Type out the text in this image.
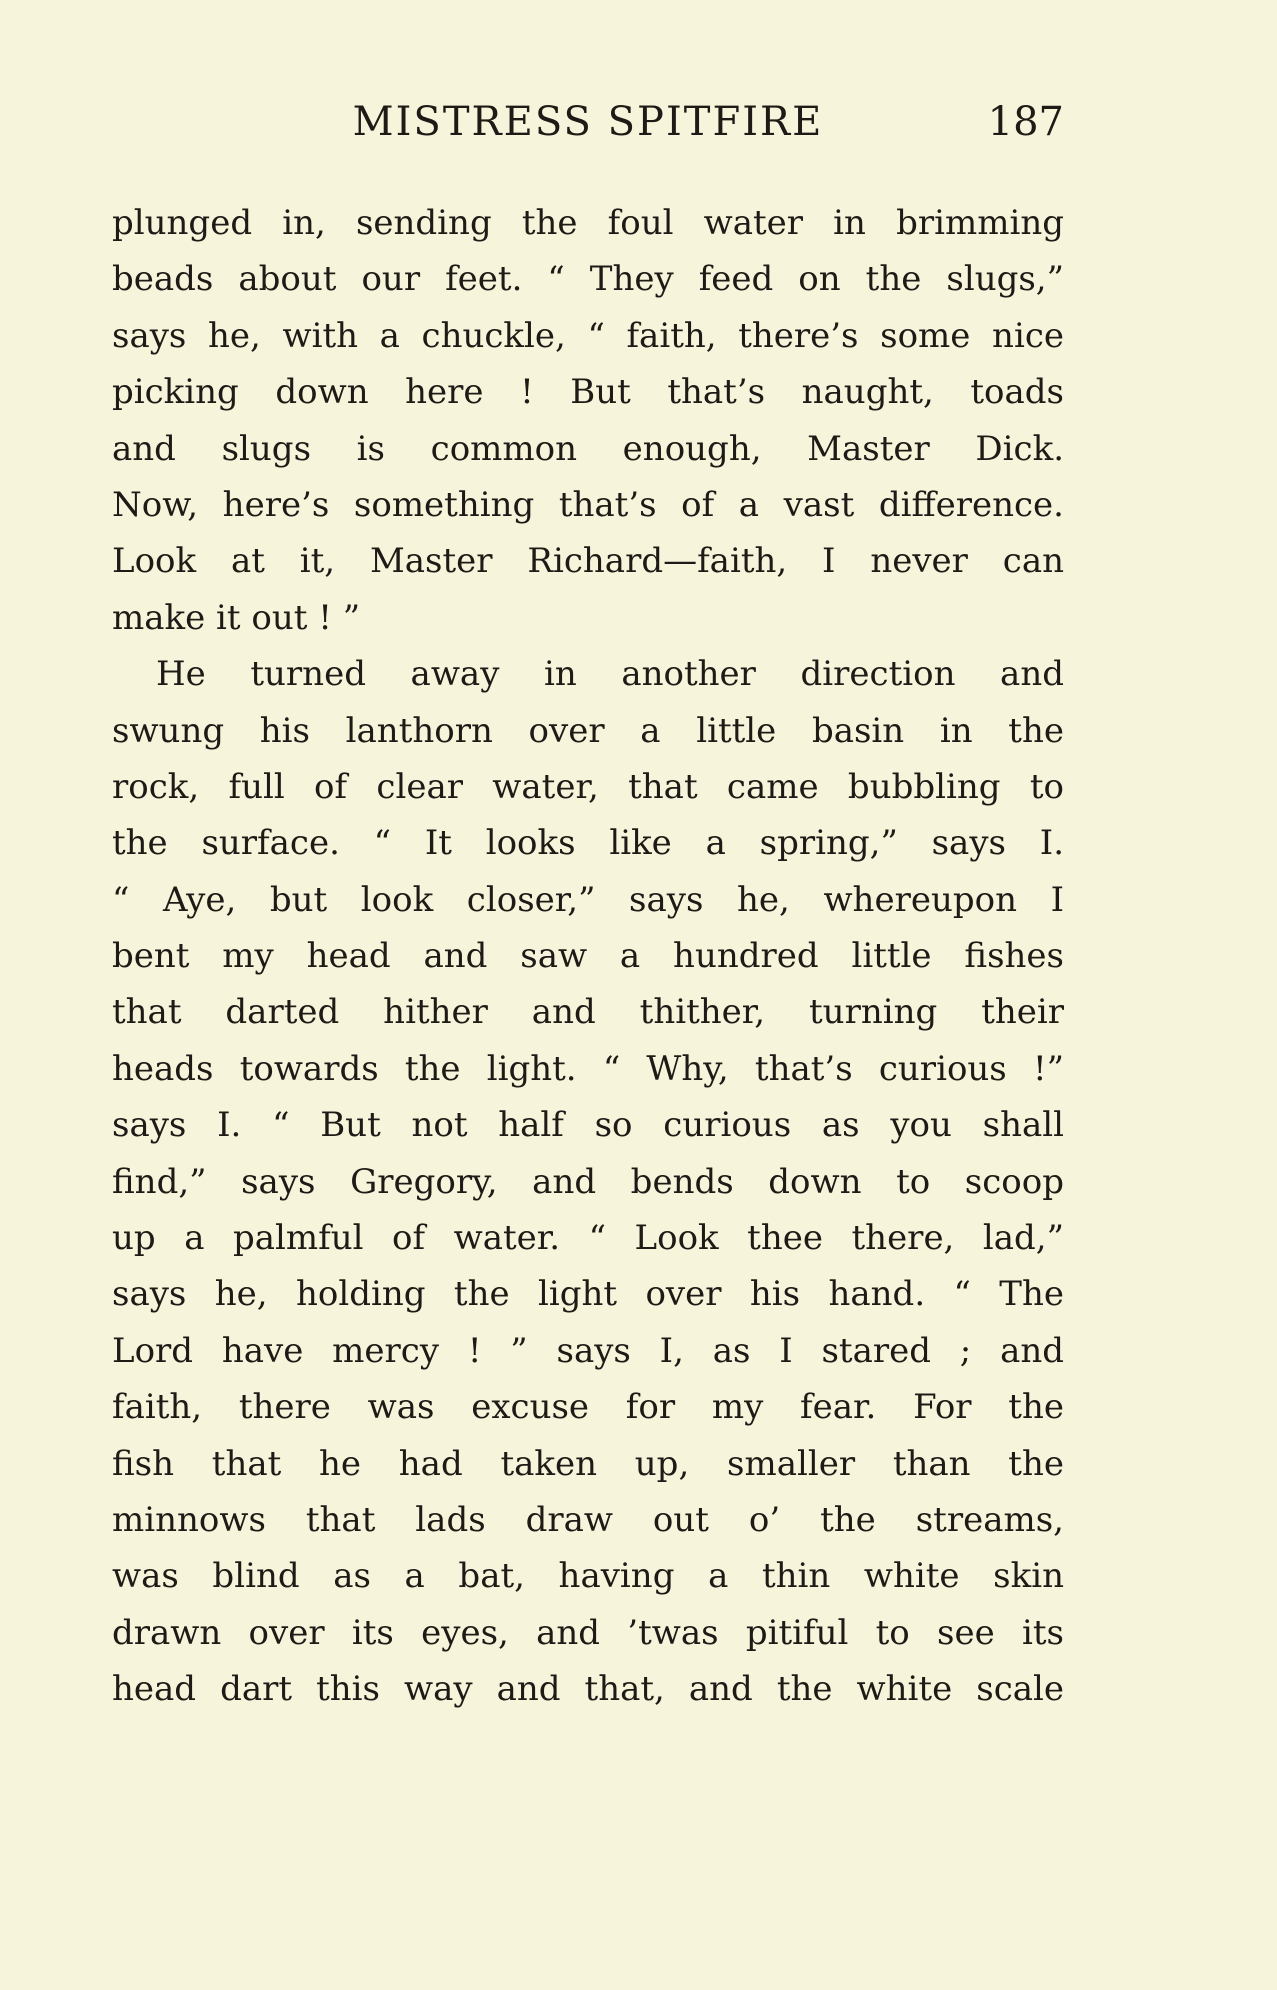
MISTRESS SPITFIRE	187
plunged in, sending the foul water in brimming
beads about our feet. “ They feed on the slugs,”
says he, with a chuckle, “ faith, there’s some nice
picking down here ! But that’s naught, toads
and slugs is common enough, Master Dick.
Now, here’s something that’s of a vast difference.
Look at it, Master Richard—faith, I never can
make it out ! ”
He turned away in another direction and
swung his lanthorn over a little basin in the
rock, full of clear water, that came bubbling to
the surface. “ It looks like a spring,” says I.
“ Aye, but look closer,” says he, whereupon I
bent my head and saw a hundred little fishes
that darted hither and thither, turning their
heads towards the light. “ Why, that’s curious !”
says I. “ But not half so curious as you shall
find,” says Gregory, and bends down to scoop
up a palmful of water. “ Look thee there, lad,”
says he, holding the light over his hand. “ The
Lord have mercy ! ” says I, as I stared ; and
faith, there was excuse for my fear. For the
fish that he had taken up, smaller than the
minnows that lads draw out o’ the streams,
was blind as a bat, having a thin white skin
drawn over its eyes, and ’twas pitiful to see its
head dart this way and that, and the white scale
